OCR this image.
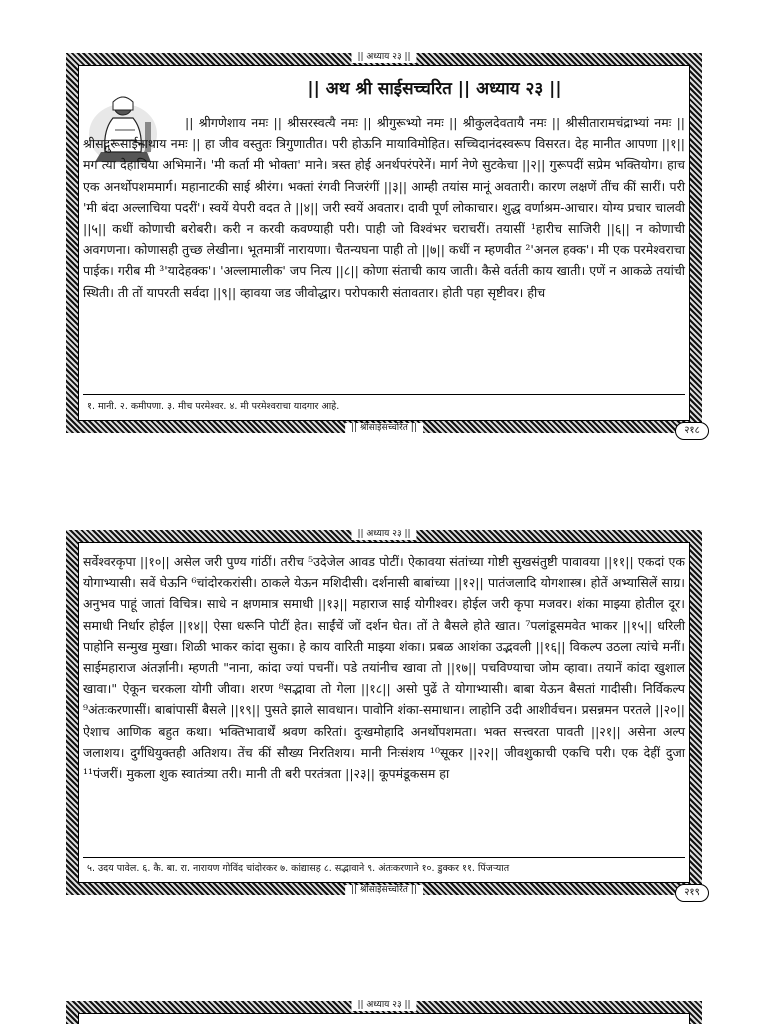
|| अथ श्री साईसच्चरित || अध्याय २३ ||
|| श्रीगणेशाय नमः || श्रीसरस्वत्यै नमः || श्रीगुरूभ्यो नमः || श्रीकुलदेवतायै नमः || श्रीसीतारामचंद्राभ्यां नमः || श्रीसद्गुरूसाईनाथाय नमः || हा जीव वस्तुतः त्रिगुणातीत। परी होऊनि मायाविमोहित। सच्चिदानंदस्वरूप विसरत। देह मानीत आपणा ||१|| मग त्या देहाचिया अभिमानें। 'मी कर्ता मी भोक्ता' माने। त्रस्त होई अनर्थपरंपरेनें। मार्ग नेणे सुटकेचा ||२|| गुरूपदीं सप्रेम भक्तियोग। हाच एक अनर्थोपशममार्ग। महानाटकी साई श्रीरंग। भक्तां रंगवी निजरंगीं ||३|| आम्ही तयांस मानूं अवतारी। कारण लक्षणें तींच कीं सारीं। परी 'मी बंदा अल्लाचिया पदरीं'। स्वयें येपरी वदत ते ||४|| जरी स्वयें अवतार। दावी पूर्ण लोकाचार। शुद्ध वर्णाश्रम-आचार। योग्य प्रचार चालवी ||५|| कधीं कोणाची बरोबरी। करी न करवी कवण्याही परी। पाही जो विश्वंभर चराचरीं। तयासीं ¹हारीच साजिरी ||६|| न कोणाची अवगणना। कोणासही तुच्छ लेखीना। भूतमात्रीं नारायणा। चैतन्यघना पाही तो ||७|| कधीं न म्हणवीत ²'अनल हक्क'। मी एक परमेश्वराचा पाईक। गरीब मी ³'यादेहक्क'। 'अल्लामालीक' जप नित्य ||८|| कोणा संताची काय जाती। कैसे वर्तती काय खाती। एणें न आकळे तयांची स्थिती। ती तों यापरती सर्वदा ||९|| व्हावया जड जीवोद्धार। परोपकारी संतावतार। होती पहा सृष्टीवर। हीच
१. मानी. २. कमीपणा. ३. मीच परमेश्वर. ४. मी परमेश्वराचा यादगार आहे.
|| अध्याय २३ ||
|| श्रीसाईसच्चरित ||	२१८
सर्वेश्वरकृपा ||१०|| असेल जरी पुण्य गांठीं। तरीच ⁵उदेजेल आवड पोटीं। ऐकावया संतांच्या गोष्टी सुखसंतुष्टी पावावया ||११|| एकदां एक योगाभ्यासी। सवें घेऊनि ⁶चांदोरकरांसी। ठाकले येऊन मशिदीसी। दर्शनासी बाबांच्या ||१२|| पातंजलादि योगशास्त्र। होतें अभ्यासिलें साग्र। अनुभव पाहूं जातां विचित्र। साधे न क्षणमात्र समाधी ||१३|| महाराज साई योगीश्वर। होईल जरी कृपा मजवर। शंका माझ्या होतील दूर। समाधी निर्धार होईल ||१४|| ऐसा धरूनि पोटीं हेत। साईंचें जों दर्शन घेत। तों ते बैसले होते खात। ⁷पलांडूसमवेत भाकर ||१५|| धरिली पाहोनि सन्मुख मुखा। शिळी भाकर कांदा सुका। हे काय वारिती माझ्या शंका। प्रबळ आशंका उद्भवली ||१६|| विकल्प उठला त्यांचे मनीं। साईमहाराज अंतर्ज्ञानी। म्हणती "नाना, कांदा ज्यां पचनीं। पडे तयांनीच खावा तो ||१७|| पचविण्याचा जोम व्हावा। तयानें कांदा खुशाल खावा।" ऐकून चरकला योगी जीवा। शरण ⁸सद्भावा तो गेला ||१८|| असो पुढें ते योगाभ्यासी। बाबा येऊन बैसतां गादीसी। निर्विकल्प ⁹अंतःकरणासीं। बाबांपासीं बैसले ||१९|| पुसते झाले सावधान। पावोनि शंका-समाधान। लाहोनि उदी आशीर्वचन। प्रसन्नमन परतले ||२०|| ऐशाच आणिक बहुत कथा। भक्तिभावार्थें श्रवण करितां। दुःखमोहादि अनर्थोपशमता। भक्त सत्त्वरता पावती ||२१|| असेना अल्प जलाशय। दुर्गंधियुक्तही अतिशय। तेंच कीं सौख्य निरतिशय। मानी निःसंशय ¹⁰सूकर ||२२|| जीवशुकाची एकचि परी। एक देहीं दुजा ¹¹पंजरीं। मुकला शुक स्वातंत्र्या तरी। मानी ती बरी परतंत्रता ||२३|| कूपमंडूकसम हा
५. उदय पावेल. ६. कै. बा. रा. नारायण गोविंद चांदोरकर ७. कांद्यासह ८. सद्भावाने ९. अंतःकरणाने १०. डुक्कर ११. पिंजऱ्यात
|| अध्याय २३ ||
|| श्रीसाईसच्चरित ||	२१९
|| अध्याय २३ ||
